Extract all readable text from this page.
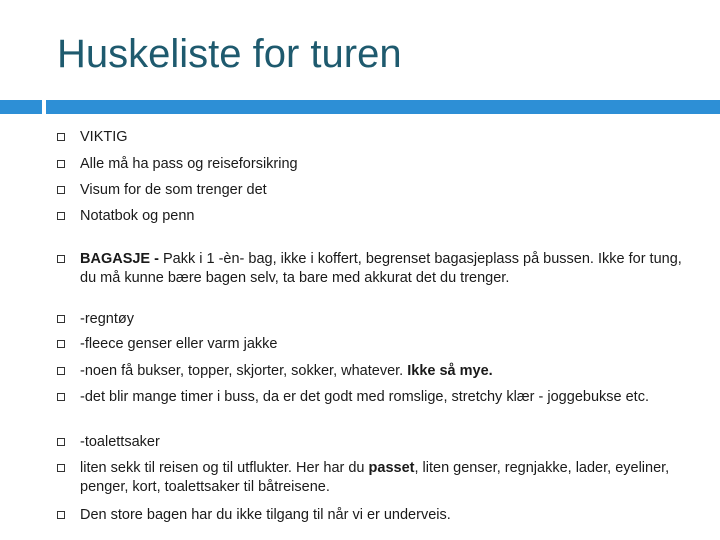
Huskeliste for turen
VIKTIG
Alle må ha pass og reiseforsikring
Visum for de som trenger det
Notatbok og penn
BAGASJE - Pakk i 1 -èn- bag, ikke i koffert, begrenset bagasjeplass på bussen. Ikke for tung, du må kunne bære bagen selv, ta bare med akkurat det du trenger.
-regntøy
-fleece genser eller varm jakke
-noen få bukser, topper, skjorter, sokker, whatever. Ikke så mye.
-det blir mange timer i buss, da er det godt med romslige, stretchy klær - joggebukse etc.
-toalettsaker
liten sekk til reisen og til utflukter. Her har du passet, liten genser, regnjakke, lader, eyeliner, penger, kort, toalettsaker til båtreisene.
Den store bagen har du ikke tilgang til når vi er underveis.
